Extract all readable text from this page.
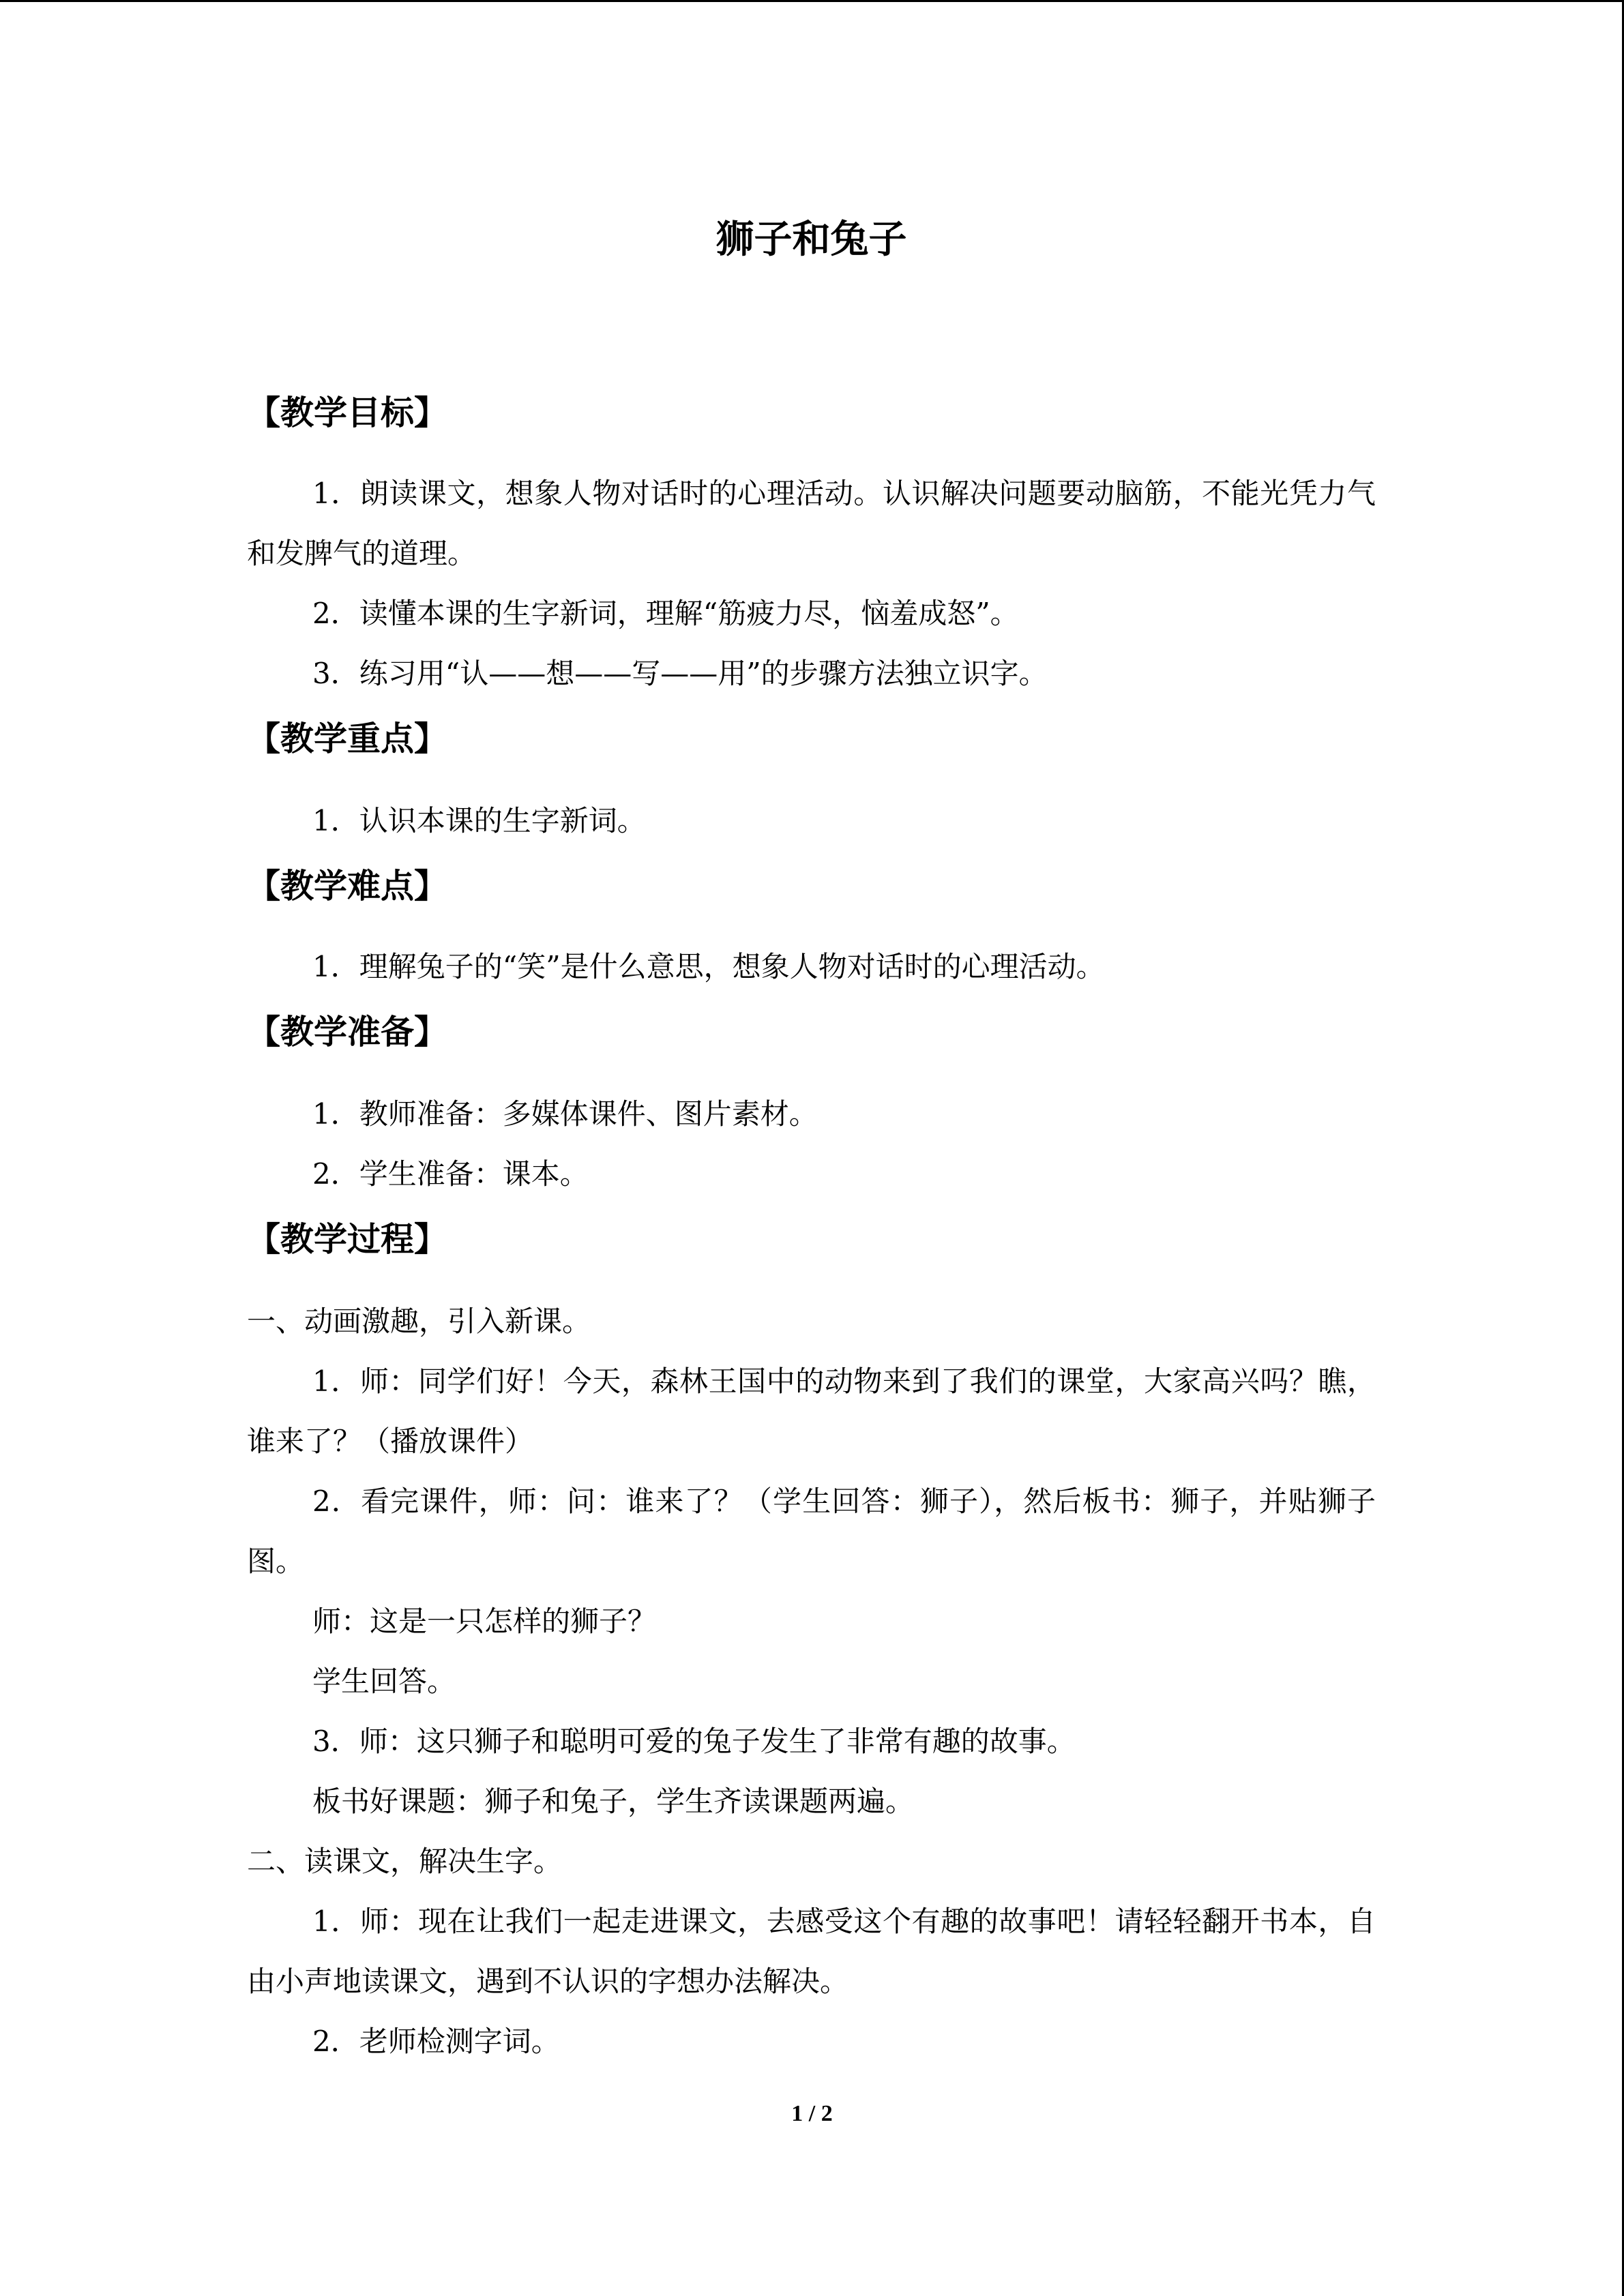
狮子和兔子
【教学目标】
1．朗读课文，想象人物对话时的心理活动。认识解决问题要动脑筋，不能光凭力气和发脾气的道理。
2．读懂本课的生字新词，理解“筋疲力尽，恼羞成怒”。
3．练习用“认——想——写——用”的步骤方法独立识字。
【教学重点】
1．认识本课的生字新词。
【教学难点】
1．理解兔子的“笑”是什么意思，想象人物对话时的心理活动。
【教学准备】
1．教师准备：多媒体课件、图片素材。
2．学生准备：课本。
【教学过程】
一、动画激趣，引入新课。
1．师：同学们好！今天，森林王国中的动物来到了我们的课堂，大家高兴吗？瞧，谁来了？（播放课件）
2．看完课件，师：问：谁来了？（学生回答：狮子），然后板书：狮子，并贴狮子图。
师：这是一只怎样的狮子？
学生回答。
3．师：这只狮子和聪明可爱的兔子发生了非常有趣的故事。
板书好课题：狮子和兔子，学生齐读课题两遍。
二、读课文，解决生字。
1．师：现在让我们一起走进课文，去感受这个有趣的故事吧！请轻轻翻开书本，自由小声地读课文，遇到不认识的字想办法解决。
2．老师检测字词。
1 / 2
